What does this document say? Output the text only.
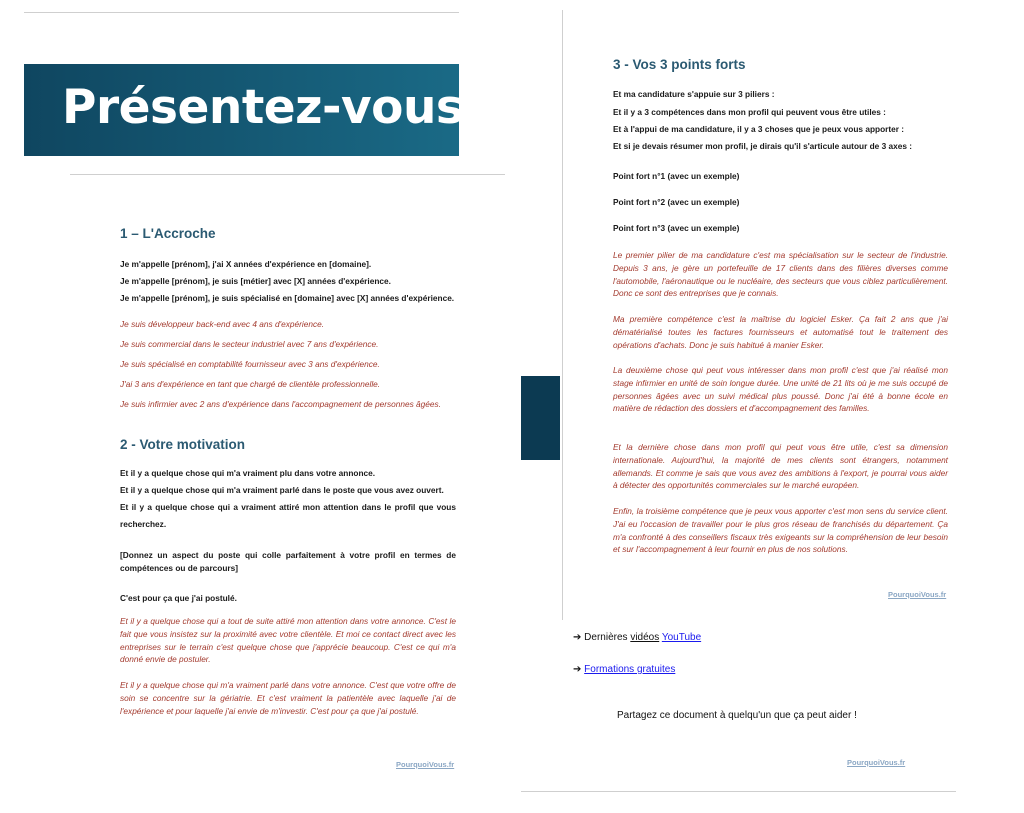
Présentez-vous
1 – L'Accroche
Je m'appelle [prénom], j'ai X années d'expérience en [domaine].
Je m'appelle [prénom], je suis [métier] avec [X] années d'expérience.
Je m'appelle [prénom], je suis spécialisé en [domaine] avec [X] années d'expérience.
Je suis développeur back-end avec 4 ans d'expérience.
Je suis commercial dans le secteur industriel avec 7 ans d'expérience.
Je suis spécialisé en comptabilité fournisseur avec 3 ans d'expérience.
J'ai 3 ans d'expérience en tant que chargé de clientèle professionnelle.
Je suis infirmier avec 2 ans d'expérience dans l'accompagnement de personnes âgées.
2 - Votre motivation
Et il y a quelque chose qui m'a vraiment plu dans votre annonce.
Et il y a quelque chose qui m'a vraiment parlé dans le poste que vous avez ouvert.
Et il y a quelque chose qui a vraiment attiré mon attention dans le profil que vous recherchez.
[Donnez un aspect du poste qui colle parfaitement à votre profil en termes de compétences ou de parcours]
C'est pour ça que j'ai postulé.
Et il y a quelque chose qui a tout de suite attiré mon attention dans votre annonce. C'est le fait que vous insistez sur la proximité avec votre clientèle. Et moi ce contact direct avec les entreprises sur le terrain c'est quelque chose que j'apprécie beaucoup. C'est ce qui m'a donné envie de postuler.
Et il y a quelque chose qui m'a vraiment parlé dans votre annonce. C'est que votre offre de soin se concentre sur la gériatrie. Et c'est vraiment la patientèle avec laquelle j'ai de l'expérience et pour laquelle j'ai envie de m'investir. C'est pour ça que j'ai postulé.
PourquoiVous.fr
3 - Vos 3 points forts
Et ma candidature s'appuie sur 3 piliers :
Et il y a 3 compétences dans mon profil qui peuvent vous être utiles :
Et à l'appui de ma candidature, il y a 3 choses que je peux vous apporter :
Et si je devais résumer mon profil, je dirais qu'il s'articule autour de 3 axes :
Point fort n°1 (avec un exemple)
Point fort n°2 (avec un exemple)
Point fort n°3 (avec un exemple)
Le premier pilier de ma candidature c'est ma spécialisation sur le secteur de l'industrie. Depuis 3 ans, je gère un portefeuille de 17 clients dans des filières diverses comme l'automobile, l'aéronautique ou le nucléaire, des secteurs que vous ciblez particulièrement. Donc ce sont des entreprises que je connais.
Ma première compétence c'est la maîtrise du logiciel Esker. Ça fait 2 ans que j'ai dématérialisé toutes les factures fournisseurs et automatisé tout le traitement des opérations d'achats. Donc je suis habitué à manier Esker.
La deuxième chose qui peut vous intéresser dans mon profil c'est que j'ai réalisé mon stage infirmier en unité de soin longue durée. Une unité de 21 lits où je me suis occupé de personnes âgées avec un suivi médical plus poussé. Donc j'ai été à bonne école en matière de rédaction des dossiers et d'accompagnement des familles.
Et la dernière chose dans mon profil qui peut vous être utile, c'est sa dimension internationale. Aujourd'hui, la majorité de mes clients sont étrangers, notamment allemands. Et comme je sais que vous avez des ambitions à l'export, je pourrai vous aider à détecter des opportunités commerciales sur le marché européen.
Enfin, la troisième compétence que je peux vous apporter c'est mon sens du service client. J'ai eu l'occasion de travailler pour le plus gros réseau de franchisés du département. Ça m'a confronté à des conseillers fiscaux très exigeants sur la compréhension de leur besoin et sur l'accompagnement à leur fournir en plus de nos solutions.
PourquoiVous.fr
➔ Dernières vidéos YouTube
➔ Formations gratuites
Partagez ce document à quelqu'un que ça peut aider !
PourquoiVous.fr
